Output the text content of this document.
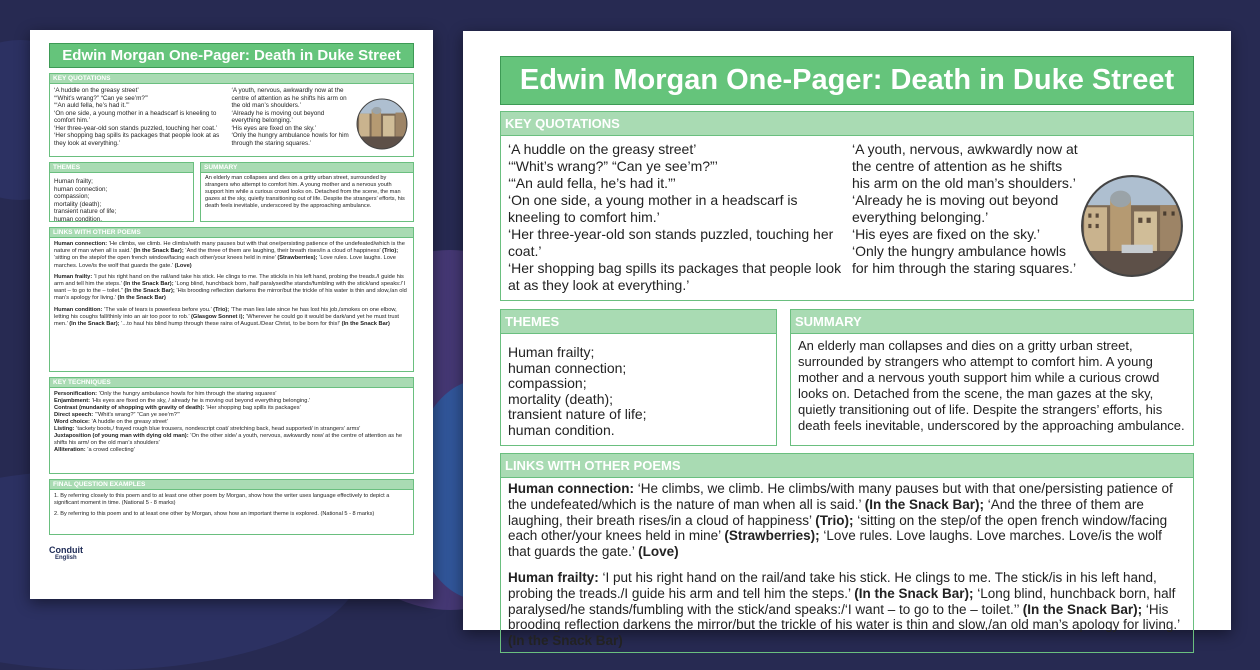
Edwin Morgan One-Pager: Death in Duke Street
KEY QUOTATIONS
‘A huddle on the greasy street’
‘“Whit’s wrang?” “Can ye see’m?”’
‘“An auld fella, he’s had it.”’
‘On one side, a young mother in a headscarf is kneeling to comfort him.’
‘Her three-year-old son stands puzzled, touching her coat.’
‘Her shopping bag spills its packages that people look at as they look at everything.’
‘A youth, nervous, awkwardly now at the centre of attention as he shifts his arm on the old man’s shoulders.’
‘Already he is moving out beyond everything belonging.’
‘His eyes are fixed on the sky.’
‘Only the hungry ambulance howls for him through the staring squares.’
THEMES
Human frailty;
human connection;
compassion;
mortality (death);
transient nature of life;
human condition.
SUMMARY
An elderly man collapses and dies on a gritty urban street, surrounded by strangers who attempt to comfort him. A young mother and a nervous youth support him while a curious crowd looks on. Detached from the scene, the man gazes at the sky, quietly transitioning out of life. Despite the strangers’ efforts, his death feels inevitable, underscored by the approaching ambulance.
LINKS WITH OTHER POEMS
Human connection: ‘He climbs, we climb. He climbs/with many pauses but with that one/persisting patience of the undefeated/which is the nature of man when all is said.’ (In the Snack Bar); ‘And the three of them are laughing, their breath rises/in a cloud of happiness’ (Trio); ‘sitting on the step/of the open french window/facing each other/your knees held in mine’ (Strawberries); ‘Love rules. Love laughs. Love marches. Love/is the wolf that guards the gate.’ (Love)
Human frailty: ‘I put his right hand on the rail/and take his stick. He clings to me. The stick/is in his left hand, probing the treads./I guide his arm and tell him the steps.’ (In the Snack Bar); ‘Long blind, hunchback born, half paralysed/he stands/fumbling with the stick/and speaks:/‘I want – to go to the – toilet.’’ (In the Snack Bar); ‘His brooding reflection darkens the mirror/but the trickle of his water is thin and slow,/an old man’s apology for living.’ (In the Snack Bar)
Human condition: ‘The vale of tears is powerless before you.’ (Trio); ‘The man lies late since he has lost his job,/smokes on one elbow, letting his coughs fall/thinly into an air too poor to rob.’ (Glasgow Sonnet i); ‘Wherever he could go it would be dark/and yet he must trust men.’ (In the Snack Bar); ‘...to haul his blind hump through these rains of August./Dear Christ, to be born for this!’ (In the Snack Bar)
KEY TECHNIQUES
Personification: ‘Only the hungry ambulance howls for him through the staring squares’
Enjambment: ‘His eyes are fixed on the sky, / already he is moving out beyond everything belonging.’
Contrast (mundanity of shopping with gravity of death): ‘Her shopping bag spills its packages’
Direct speech: ‘“Whit’s wrang?” “Can ye see’m?”’
Word choice: ‘A huddle on the greasy street’
Listing: ‘tackety boots,/ frayed rough blue trousers, nondescript coat/ stretching back, head supported/ in strangers’ arms’
Juxtaposition (of young man with dying old man): ‘On the other side/ a youth, nervous, awkwardly now/ at the centre of attention as he shifts his arm/ on the old man’s shoulders’
Alliteration: ‘a crowd collecting’
FINAL QUESTION EXAMPLES
1. By referring closely to this poem and to at least one other poem by Morgan, show how the writer uses language effectively to depict a significant moment in time. (National 5 - 8 marks)
2. By referring to this poem and to at least one other by Morgan, show how an important theme is explored. (National 5 - 8 marks)
Conduit
English
Edwin Morgan One-Pager: Death in Duke Street
KEY QUOTATIONS
‘A huddle on the greasy street’
‘“Whit’s wrang?” “Can ye see’m?”’
‘“An auld fella, he’s had it.”’
‘On one side, a young mother in a headscarf is kneeling to comfort him.’
‘Her three-year-old son stands puzzled, touching her coat.’
‘Her shopping bag spills its packages that people look at as they look at everything.’
‘A youth, nervous, awkwardly now at the centre of attention as he shifts his arm on the old man’s shoulders.’
‘Already he is moving out beyond everything belonging.’
‘His eyes are fixed on the sky.’
‘Only the hungry ambulance howls for him through the staring squares.’
THEMES
Human frailty;
human connection;
compassion;
mortality (death);
transient nature of life;
human condition.
SUMMARY
An elderly man collapses and dies on a gritty urban street, surrounded by strangers who attempt to comfort him. A young mother and a nervous youth support him while a curious crowd looks on. Detached from the scene, the man gazes at the sky, quietly transitioning out of life. Despite the strangers’ efforts, his death feels inevitable, underscored by the approaching ambulance.
LINKS WITH OTHER POEMS
Human connection: ‘He climbs, we climb. He climbs/with many pauses but with that one/persisting patience of the undefeated/which is the nature of man when all is said.’ (In the Snack Bar); ‘And the three of them are laughing, their breath rises/in a cloud of happiness’ (Trio); ‘sitting on the step/of the open french window/facing each other/your knees held in mine’ (Strawberries); ‘Love rules. Love laughs. Love marches. Love/is the wolf that guards the gate.’ (Love)
Human frailty: ‘I put his right hand on the rail/and take his stick. He clings to me. The stick/is in his left hand, probing the treads./I guide his arm and tell him the steps.’ (In the Snack Bar); ‘Long blind, hunchback born, half paralysed/he stands/fumbling with the stick/and speaks:/‘I want – to go to the – toilet.’’ (In the Snack Bar); ‘His brooding reflection darkens the mirror/but the trickle of his water is thin and slow,/an old man’s apology for living.’ (In the Snack Bar)
